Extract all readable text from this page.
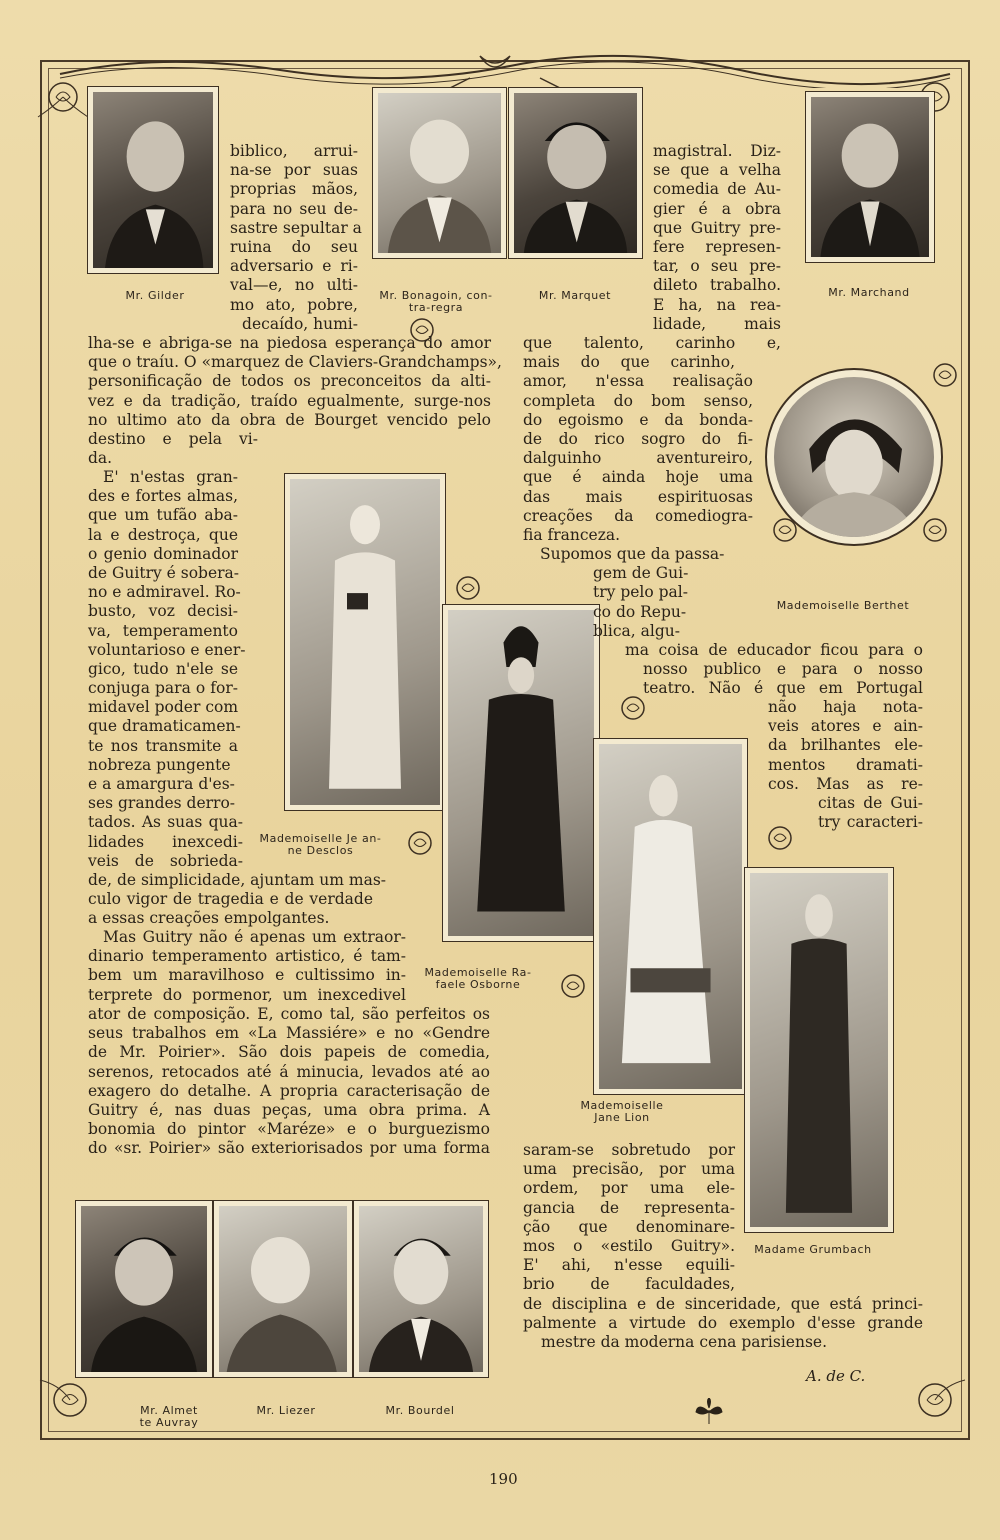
Mr. Gilder	Mr. Bonagoin, con-
tra-regra
Mr. Marquet	Mr. Marchand
Mademoiselle Berthet
Mademoiselle Je an-
ne Desclos
Mademoiselle Ra-
faele Osborne
Mademoiselle
Jane Lion
Madame Grumbach
Mr. Almet
te Auvray
Mr. Liezer	Mr. Bourdel
biblico, arrui-
na-se por suas
proprias mãos,
para no seu de-
sastre sepultar a
ruina do seu
adversario e ri-
val—e, no ulti-
mo ato, pobre,
decaído, humi-
magistral. Diz-
se que a velha
comedia de Au-
gier é a obra
que Guitry pre-
fere represen-
tar, o seu pre-
dileto trabalho.
E ha, na rea-
lidade, mais
lha-se e abriga-se na piedosa esperança do amor
que o traíu. O «marquez de Claviers-Grandchamps»,
personificação de todos os preconceitos da alti-
vez e da tradição, traído egualmente, surge-nos
no ultimo ato da obra de Bourget vencido pelo
destino e pela vi-
da.
que talento, carinho e,
mais do que carinho,
amor, n'essa realisação
completa do bom senso,
do egoismo e da bonda-
de do rico sogro do fi-
dalguinho aventureiro,
que é ainda hoje uma
das mais espirituosas
creações da comediogra-
fia franceza.
Supomos que da passa-
gem de Gui-
try pelo pal-
co do Repu-
blica, algu-
ma coisa de educador ficou para o
nosso publico e para o nosso
teatro. Não é que em Portugal
não haja nota-
veis atores e ain-
da brilhantes ele-
mentos dramati-
cos. Mas as re-
citas de Gui-
try caracteri-
E' n'estas gran-
des e fortes almas,
que um tufão aba-
la e destroça, que
o genio dominador
de Guitry é sobera-
no e admiravel. Ro-
busto, voz decisi-
va, temperamento
voluntarioso e ener-
gico, tudo n'ele se
conjuga para o for-
midavel poder com
que dramaticamen-
te nos transmite a
nobreza pungente
e a amargura d'es-
ses grandes derro-
tados. As suas qua-
lidades inexcedi-
veis de sobrieda-
de, de simplicidade, ajuntam um mas-
culo vigor de tragedia e de verdade
a essas creações empolgantes.
Mas Guitry não é apenas um extraor-
dinario temperamento artistico, é tam-
bem um maravilhoso e cultissimo in-
terprete do pormenor, um inexcedivel
ator de composição. E, como tal, são perfeitos os
seus trabalhos em «La Massiére» e no «Gendre
de Mr. Poirier». São dois papeis de comedia,
serenos, retocados até á minucia, levados até ao
exagero do detalhe. A propria caracterisação de
Guitry é, nas duas peças, uma obra prima. A
bonomia do pintor «Maréze» e o burguezismo
do «sr. Poirier» são exteriorisados por uma forma saram-se sobretudo por
uma precisão, por uma
ordem, por uma ele-
gancia de representa-
ção que denominare-
mos o «estilo Guitry».
E' ahi, n'esse equili-
brio de faculdades,
de disciplina e de sinceridade, que está princi-
palmente a virtude do exemplo d'esse grande
mestre da moderna cena parisiense.
A. de C.
190
